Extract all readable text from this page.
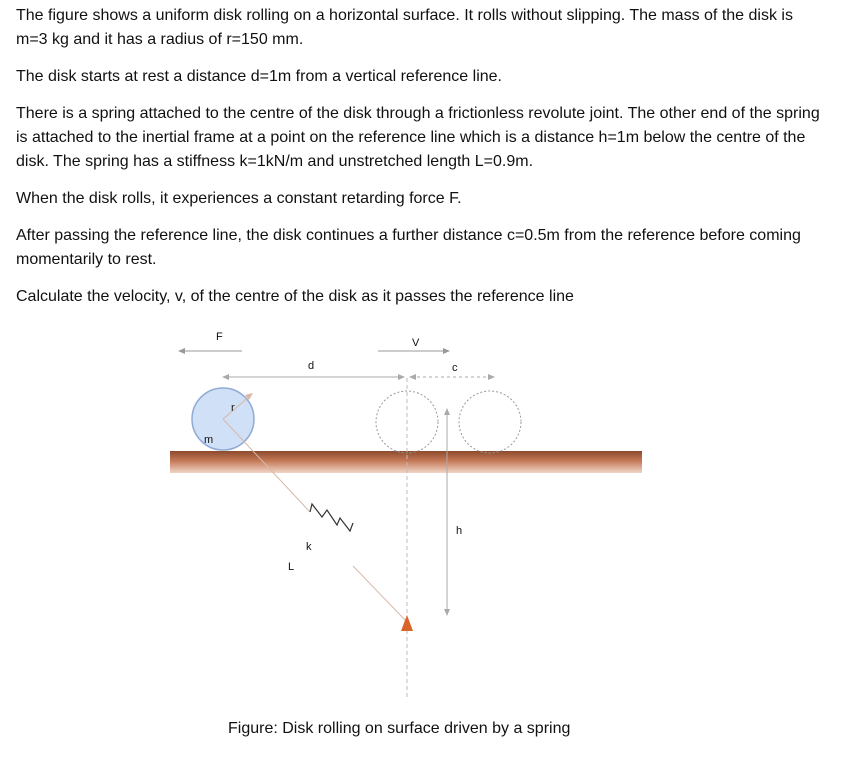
The figure shows a uniform disk rolling on a horizontal surface. It rolls without slipping. The mass of the disk is m=3 kg and it has a radius of r=150 mm.

The disk starts at rest a distance d=1m from a vertical reference line.

There is a spring attached to the centre of the disk through a frictionless revolute joint. The other end of the spring is attached to the inertial frame at a point on the reference line which is a distance h=1m below the centre of the disk. The spring has a stiffness k=1kN/m and unstretched length L=0.9m.

When the disk rolls, it experiences a constant retarding force F.

After passing the reference line, the disk continues a further distance c=0.5m from the reference before coming momentarily to rest.

Calculate the velocity, v, of the centre of the disk as it passes the reference line

F	V
d	c
r
m
k
L
h
Figure: Disk rolling on surface driven by a spring
